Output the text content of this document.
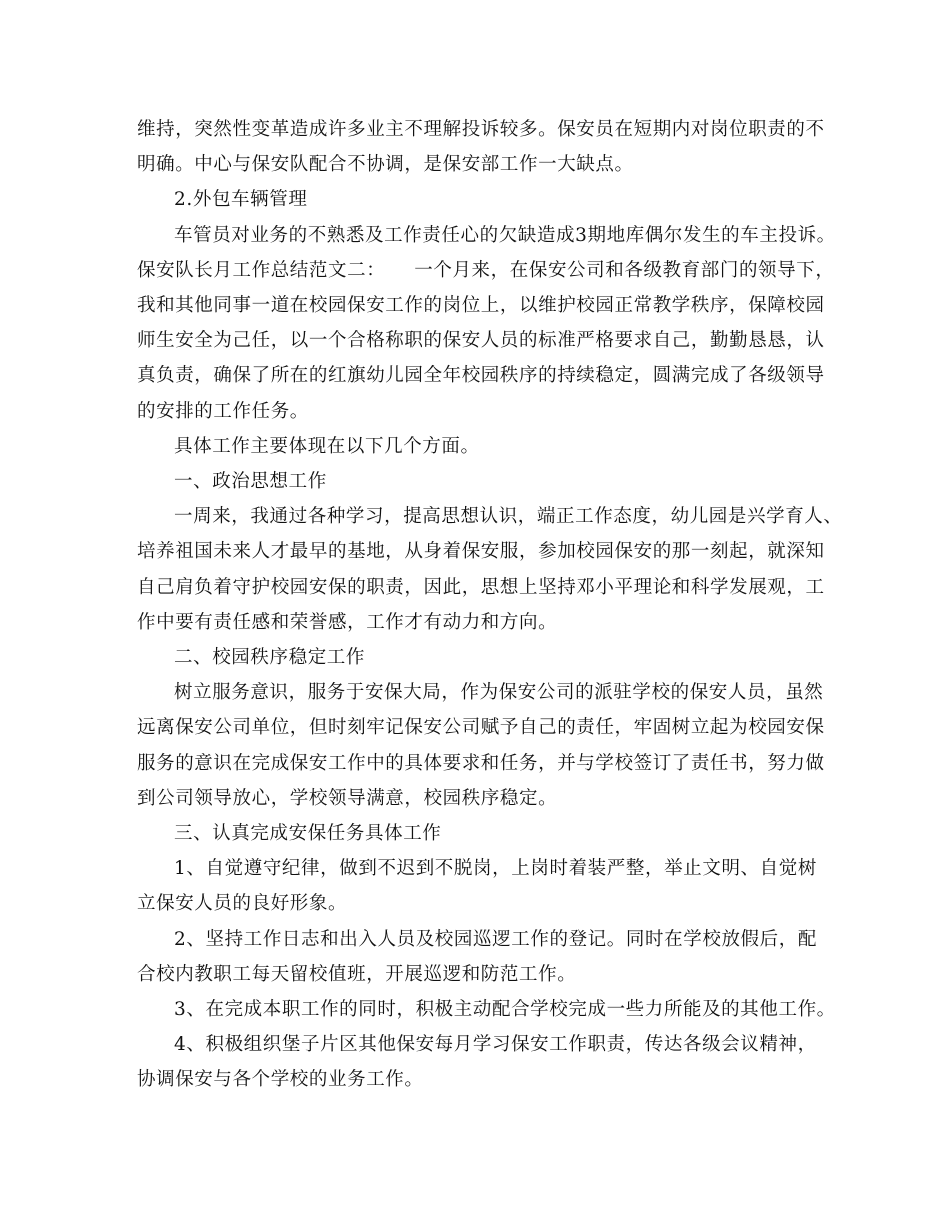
维持，突然性变革造成许多业主不理解投诉较多。保安员在短期内对岗位职责的不
明确。中心与保安队配合不协调，是保安部工作一大缺点。
2.外包车辆管理
车管员对业务的不熟悉及工作责任心的欠缺造成3期地库偶尔发生的车主投诉。
保安队长月工作总结范文二：　　一个月来，在保安公司和各级教育部门的领导下，
我和其他同事一道在校园保安工作的岗位上，以维护校园正常教学秩序，保障校园
师生安全为己任，以一个合格称职的保安人员的标准严格要求自己，勤勤恳恳，认
真负责，确保了所在的红旗幼儿园全年校园秩序的持续稳定，圆满完成了各级领导
的安排的工作任务。
具体工作主要体现在以下几个方面。
一、政治思想工作
一周来，我通过各种学习，提高思想认识，端正工作态度，幼儿园是兴学育人、
培养祖国未来人才最早的基地，从身着保安服，参加校园保安的那一刻起，就深知
自己肩负着守护校园安保的职责，因此，思想上坚持邓小平理论和科学发展观，工
作中要有责任感和荣誉感，工作才有动力和方向。
二、校园秩序稳定工作
树立服务意识，服务于安保大局，作为保安公司的派驻学校的保安人员，虽然
远离保安公司单位，但时刻牢记保安公司赋予自己的责任，牢固树立起为校园安保
服务的意识在完成保安工作中的具体要求和任务，并与学校签订了责任书，努力做
到公司领导放心，学校领导满意，校园秩序稳定。
三、认真完成安保任务具体工作
1、自觉遵守纪律，做到不迟到不脱岗，上岗时着装严整，举止文明、自觉树
立保安人员的良好形象。
2、坚持工作日志和出入人员及校园巡逻工作的登记。同时在学校放假后，配
合校内教职工每天留校值班，开展巡逻和防范工作。
3、在完成本职工作的同时，积极主动配合学校完成一些力所能及的其他工作。
4、积极组织堡子片区其他保安每月学习保安工作职责，传达各级会议精神，
协调保安与各个学校的业务工作。
